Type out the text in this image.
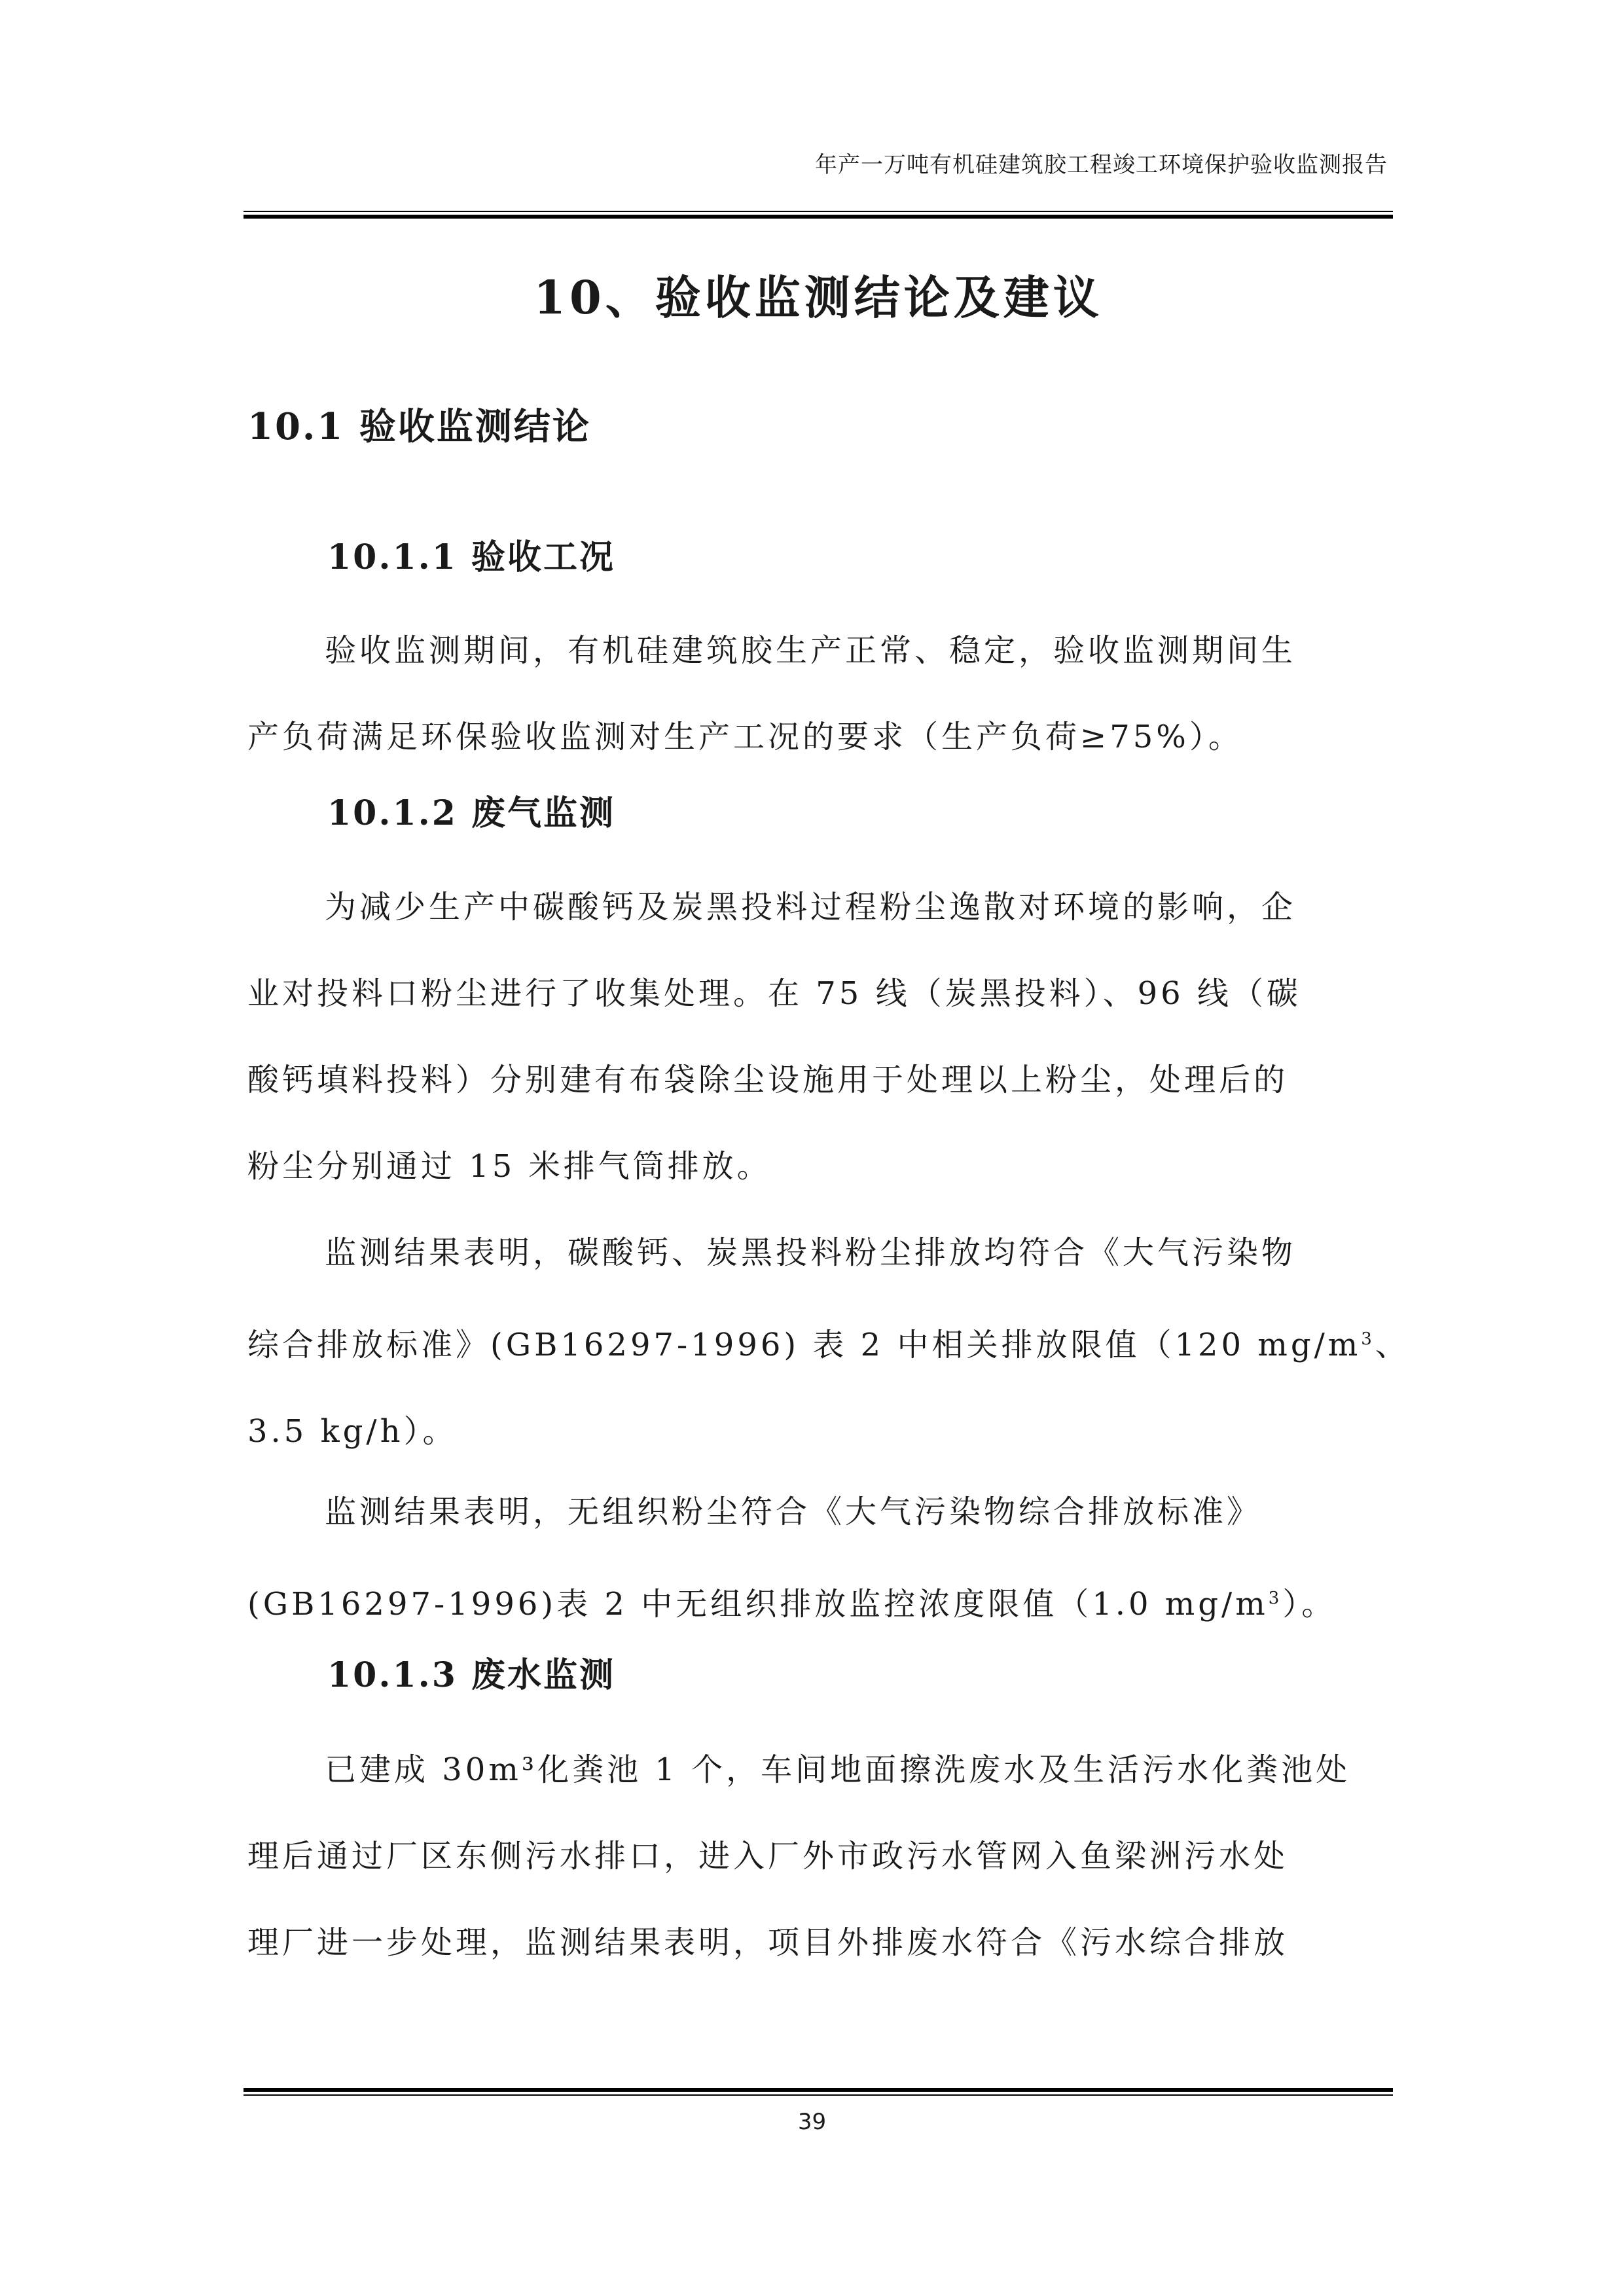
年产一万吨有机硅建筑胶工程竣工环境保护验收监测报告
10、验收监测结论及建议
10.1 验收监测结论
10.1.1 验收工况
验收监测期间，有机硅建筑胶生产正常、稳定，验收监测期间生
产负荷满足环保验收监测对生产工况的要求（生产负荷≥75%）。
10.1.2 废气监测
为减少生产中碳酸钙及炭黑投料过程粉尘逸散对环境的影响，企
业对投料口粉尘进行了收集处理。在 75 线（炭黑投料）、96 线（碳
酸钙填料投料）分别建有布袋除尘设施用于处理以上粉尘，处理后的
粉尘分别通过 15 米排气筒排放。
监测结果表明，碳酸钙、炭黑投料粉尘排放均符合《大气污染物
综合排放标准》(GB16297-1996) 表 2 中相关排放限值（120 $mg/m^3$、
3.5 kg/h）。
监测结果表明，无组织粉尘符合《大气污染物综合排放标准》
(GB16297-1996)表 2 中无组织排放监控浓度限值（1.0 $mg/m^3$）。
10.1.3 废水监测
已建成 30m³化粪池 1 个，车间地面擦洗废水及生活污水化粪池处
理后通过厂区东侧污水排口，进入厂外市政污水管网入鱼梁洲污水处
理厂进一步处理，监测结果表明，项目外排废水符合《污水综合排放
39
